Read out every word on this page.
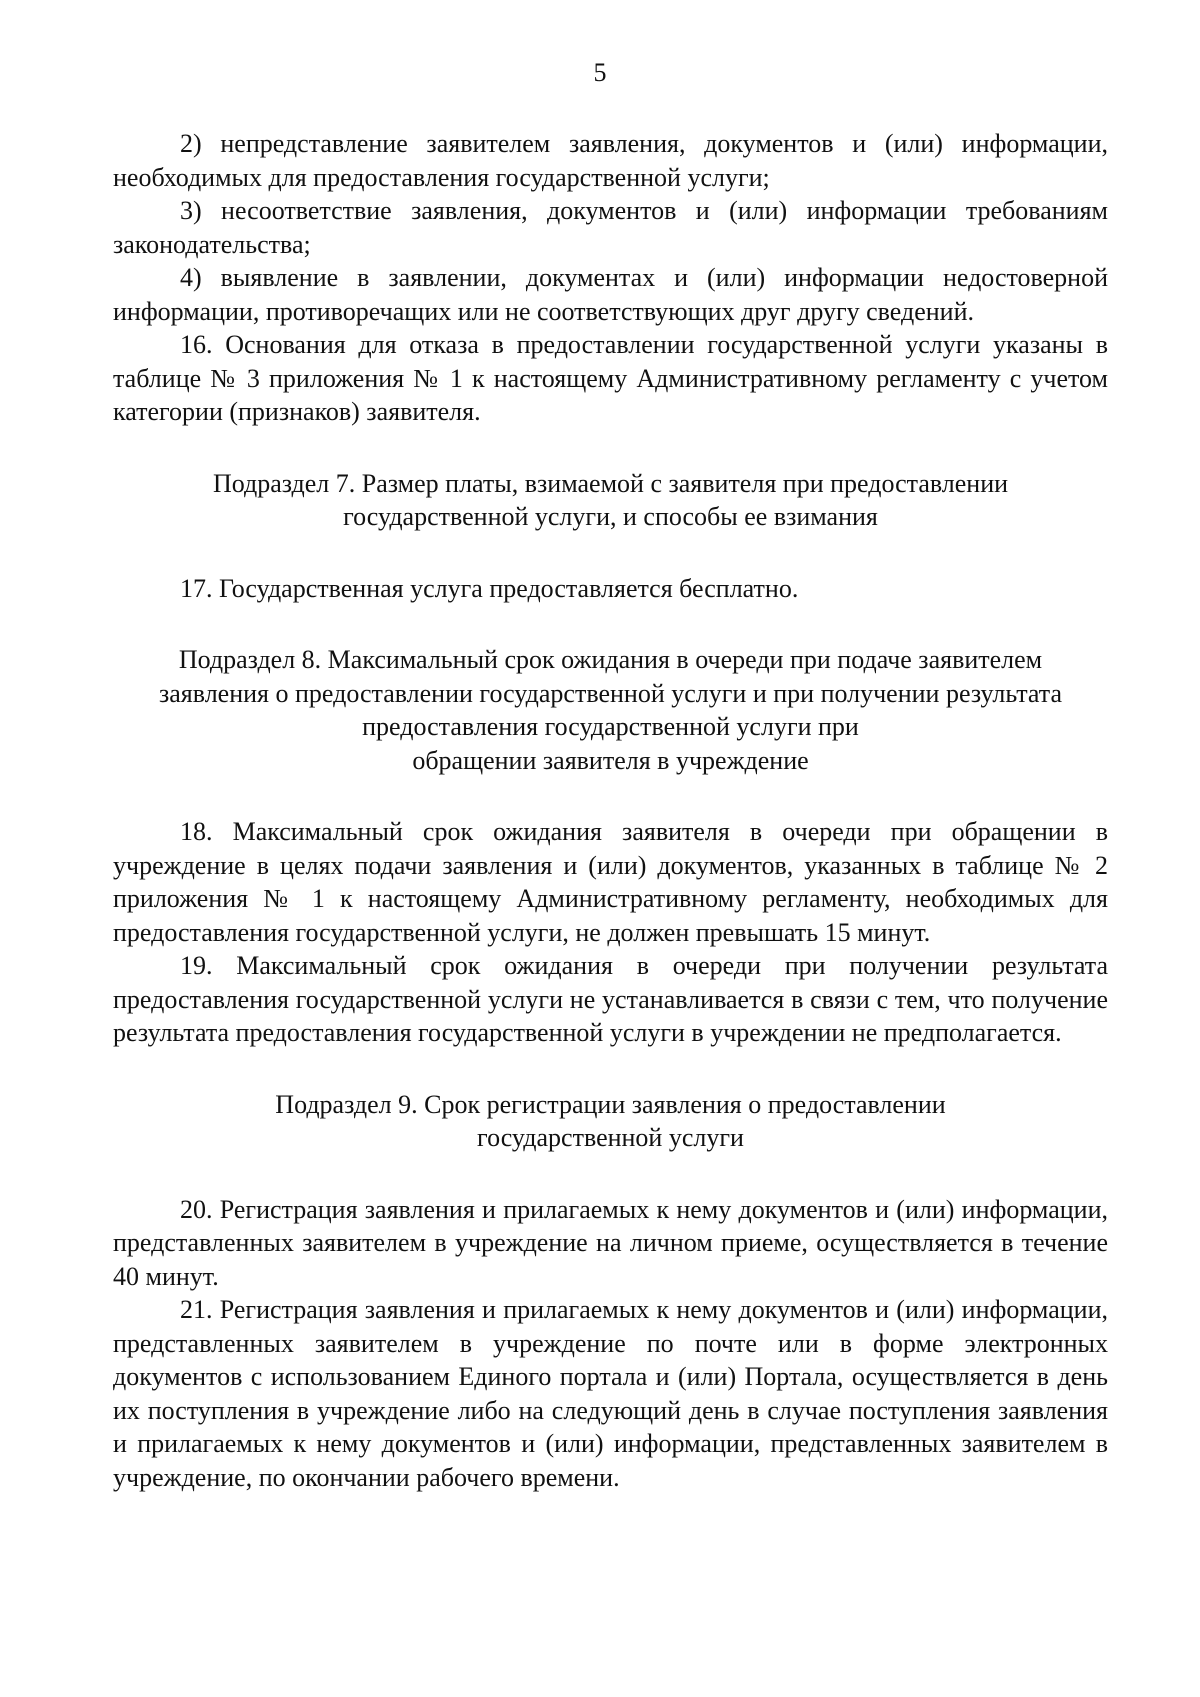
5

2) непредставление заявителем заявления, документов и (или) информации, необходимых для предоставления государственной услуги;

3) несоответствие заявления, документов и (или) информации требованиям законодательства;

4) выявление в заявлении, документах и (или) информации недостоверной информации, противоречащих или не соответствующих друг другу сведений.

16. Основания для отказа в предоставлении государственной услуги указаны в таблице № 3 приложения № 1 к настоящему Административному регламенту с учетом категории (признаков) заявителя.

Подраздел 7. Размер платы, взимаемой с заявителя при предоставлении
государственной услуги, и способы ее взимания

17. Государственная услуга предоставляется бесплатно.

Подраздел 8. Максимальный срок ожидания в очереди при подаче заявителем
заявления о предоставлении государственной услуги и при получении результата
предоставления государственной услуги при
обращении заявителя в учреждение

18. Максимальный срок ожидания заявителя в очереди при обращении в учреждение в целях подачи заявления и (или) документов, указанных в таблице № 2 приложения № 1 к настоящему Административному регламенту, необходимых для предоставления государственной услуги, не должен превышать 15 минут.

19. Максимальный срок ожидания в очереди при получении результата предоставления государственной услуги не устанавливается в связи с тем, что получение результата предоставления государственной услуги в учреждении не предполагается.

Подраздел 9. Срок регистрации заявления о предоставлении
государственной услуги

20. Регистрация заявления и прилагаемых к нему документов и (или) информации, представленных заявителем в учреждение на личном приеме, осуществляется в течение 40 минут.

21. Регистрация заявления и прилагаемых к нему документов и (или) информации, представленных заявителем в учреждение по почте или в форме электронных документов с использованием Единого портала и (или) Портала, осуществляется в день их поступления в учреждение либо на следующий день в случае поступления заявления и прилагаемых к нему документов и (или) информации, представленных заявителем в учреждение, по окончании рабочего времени.
